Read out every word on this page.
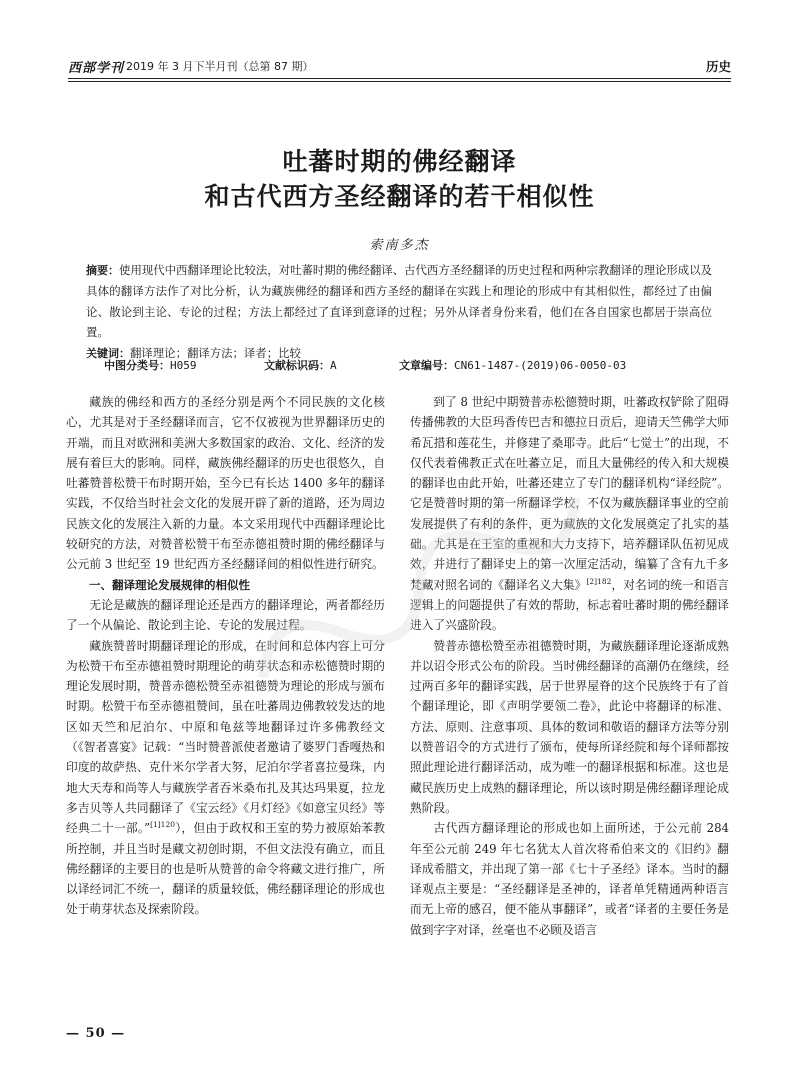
西部学刊 2019 年 3 月下半月刊（总第 87 期）	历史
吐蕃时期的佛经翻译
和古代西方圣经翻译的若干相似性
索南多杰

摘要：使用现代中西翻译理论比较法，对吐蕃时期的佛经翻译、古代西方圣经翻译的历史过程和两种宗教翻译的理论形成以及具体的翻译方法作了对比分析，认为藏族佛经的翻译和西方圣经的翻译在实践上和理论的形成中有其相似性，都经过了由偏论、散论到主论、专论的过程；方法上都经过了直译到意译的过程；另外从译者身份来看，他们在各自国家也都居于崇高位置。

关键词：翻译理论；翻译方法；译者；比较

中图分类号：H059	文献标识码：A	文章编号：CN61-1487-(2019)06-0050-03

藏族的佛经和西方的圣经分别是两个不同民族的文化核心，尤其是对于圣经翻译而言，它不仅被视为世界翻译历史的开端，而且对欧洲和美洲大多数国家的政治、文化、经济的发展有着巨大的影响。同样，藏族佛经翻译的历史也很悠久，自吐蕃赞普松赞干布时期开始，至今已有长达 1400 多年的翻译实践，不仅给当时社会文化的发展开辟了新的道路，还为周边民族文化的发展注入新的力量。本文采用现代中西翻译理论比较研究的方法，对赞普松赞干布至赤德祖赞时期的佛经翻译与公元前 3 世纪至 19 世纪西方圣经翻译间的相似性进行研究。

一、翻译理论发展规律的相似性

无论是藏族的翻译理论还是西方的翻译理论，两者都经历了一个从偏论、散论到主论、专论的发展过程。

藏族赞普时期翻译理论的形成，在时间和总体内容上可分为松赞干布至赤德祖赞时期理论的萌芽状态和赤松德赞时期的理论发展时期，赞普赤德松赞至赤祖德赞为理论的形成与颁布时期。松赞干布至赤德祖赞间，虽在吐蕃周边佛教较发达的地区如天竺和尼泊尔、中原和龟兹等地翻译过许多佛教经文（《智者喜宴》记载：“当时赞普派使者邀请了婆罗门香嘎热和印度的故萨热、克什米尔学者大努，尼泊尔学者喜拉曼珠，内地大天寿和尚等人与藏族学者吞米桑布扎及其达玛果夏，拉龙多吉贝等人共同翻译了《宝云经》《月灯经》《如意宝贝经》等经典二十一部。”$^{[1]120}$），但由于政权和王室的势力被原始苯教所控制，并且当时是藏文初创时期，不但文法没有确立，而且佛经翻译的主要目的也是听从赞普的命令将藏文进行推广，所以译经词汇不统一，翻译的质量较低，佛经翻译理论的形成也处于萌芽状态及探索阶段。

到了 8 世纪中期赞普赤松德赞时期，吐蕃政权铲除了阻碍传播佛教的大臣玛香传巴吉和德拉日贡后，迎请天竺佛学大师希瓦措和莲花生，并修建了桑耶寺。此后“七觉士”的出现，不仅代表着佛教正式在吐蕃立足，而且大量佛经的传入和大规模的翻译也由此开始，吐蕃还建立了专门的翻译机构“译经院”。它是赞普时期的第一所翻译学校，不仅为藏族翻译事业的空前发展提供了有利的条件，更为藏族的文化发展奠定了扎实的基础。尤其是在王室的重视和大力支持下，培养翻译队伍初见成效，并进行了翻译史上的第一次厘定活动，编纂了含有九千多梵藏对照名词的《翻译名义大集》$^{[2]182}$，对名词的统一和语言逻辑上的问题提供了有效的帮助，标志着吐蕃时期的佛经翻译进入了兴盛阶段。

赞普赤德松赞至赤祖德赞时期，为藏族翻译理论逐渐成熟并以诏令形式公布的阶段。当时佛经翻译的高潮仍在继续，经过两百多年的翻译实践，居于世界屋脊的这个民族终于有了首个翻译理论，即《声明学要领二卷》，此论中将翻译的标准、方法、原则、注意事项、具体的数词和敬语的翻译方法等分别以赞普诏令的方式进行了颁布，使每所译经院和每个译师都按照此理论进行翻译活动，成为唯一的翻译根据和标准。这也是藏民族历史上成熟的翻译理论，所以该时期是佛经翻译理论成熟阶段。

古代西方翻译理论的形成也如上面所述，于公元前 284 年至公元前 249 年七名犹太人首次将希伯来文的《旧约》翻译成希腊文，并出现了第一部《七十子圣经》译本。当时的翻译观点主要是：“圣经翻译是圣神的，译者单凭精通两种语言而无上帝的感召，便不能从事翻译”，或者“译者的主要任务是做到字字对译，丝毫也不必顾及语言

— 50 —
